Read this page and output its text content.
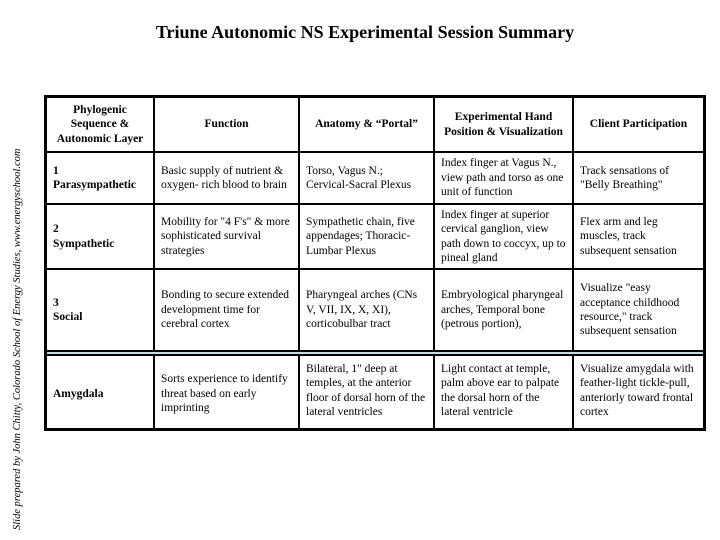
Triune Autonomic NS Experimental Session Summary
Slide prepared by John Chitty, Colorado School of Energy Studies, www.energyschool.com
Phylogenic Sequence & Autonomic Layer	Function	Anatomy & “Portal”	Experimental Hand Position & Visualization	Client Participation

1
Parasympathetic	Basic supply of nutrient & oxygen- rich blood to brain	Torso, Vagus N.; Cervical-Sacral Plexus	Index finger at Vagus N., view path and torso as one unit of function	Track sensations of "Belly Breathing"

2
Sympathetic	Mobility for "4 F's" & more sophisticated survival strategies	Sympathetic chain, five appendages; Thoracic-Lumbar Plexus	Index finger at superior cervical ganglion, view path down to coccyx, up to pineal gland	Flex arm and leg muscles, track subsequent sensation

3
Social	Bonding to secure extended development time for cerebral cortex	Pharyngeal arches (CNs V, VII, IX, X, XI), corticobulbar tract	Embryological pharyngeal arches, Temporal bone (petrous portion),	Visualize "easy acceptance childhood resource," track subsequent sensation

Amygdala	Sorts experience to identify threat based on early imprinting	Bilateral, 1" deep at temples, at the anterior floor of dorsal horn of the lateral ventricles	Light contact at temple, palm above ear to palpate the dorsal horn of the lateral ventricle	Visualize amygdala with feather-light tickle-pull, anteriorly toward frontal cortex
